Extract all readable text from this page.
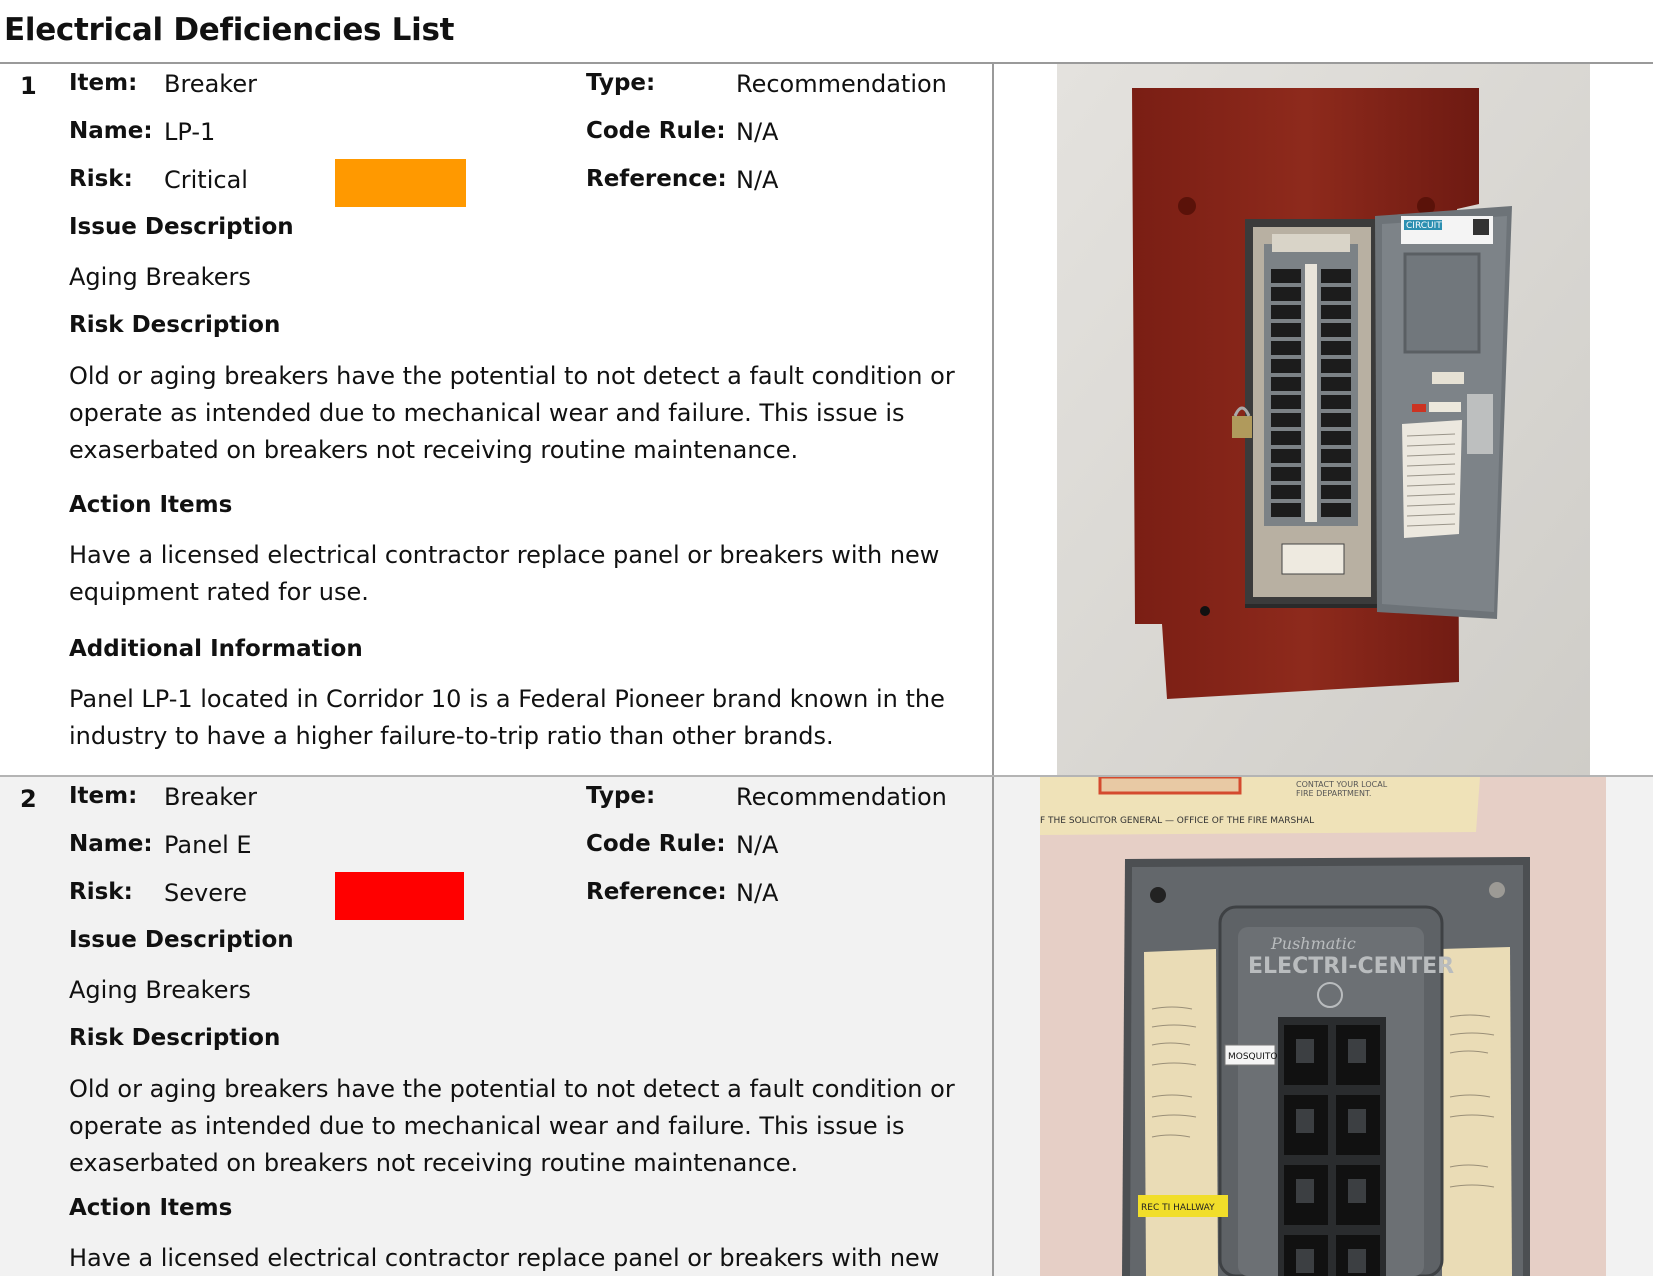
Electrical Deficiencies List
1 Item: Breaker	Type:	Recommendation
Name: LP-1	Code Rule: N/A
Risk: Critical	Reference: N/A
Issue Description
Aging Breakers
Risk Description
Old or aging breakers have the potential to not detect a fault condition or
operate as intended due to mechanical wear and failure. This issue is
exaserbated on breakers not receiving routine maintenance.
Action Items
Have a licensed electrical contractor replace panel or breakers with new
equipment rated for use.
Additional Information
Panel LP-1 located in Corridor 10 is a Federal Pioneer brand known in the
industry to have a higher failure-to-trip ratio than other brands.
CIRCUIT
2 Item: Breaker	Type:	Recommendation
Name: Panel E	Code Rule: N/A
Risk: Severe	Reference: N/A
Issue Description
Aging Breakers
Risk Description
Old or aging breakers have the potential to not detect a fault condition or
operate as intended due to mechanical wear and failure. This issue is
exaserbated on breakers not receiving routine maintenance.
Action Items
Have a licensed electrical contractor replace panel or breakers with new
CONTACT YOUR LOCAL
FIRE DEPARTMENT.
F THE SOLICITOR GENERAL — OFFICE OF THE FIRE MARSHAL
Pushmatic
ELECTRI-CENTER
MOSQUITO
REC TI HALLWAY
